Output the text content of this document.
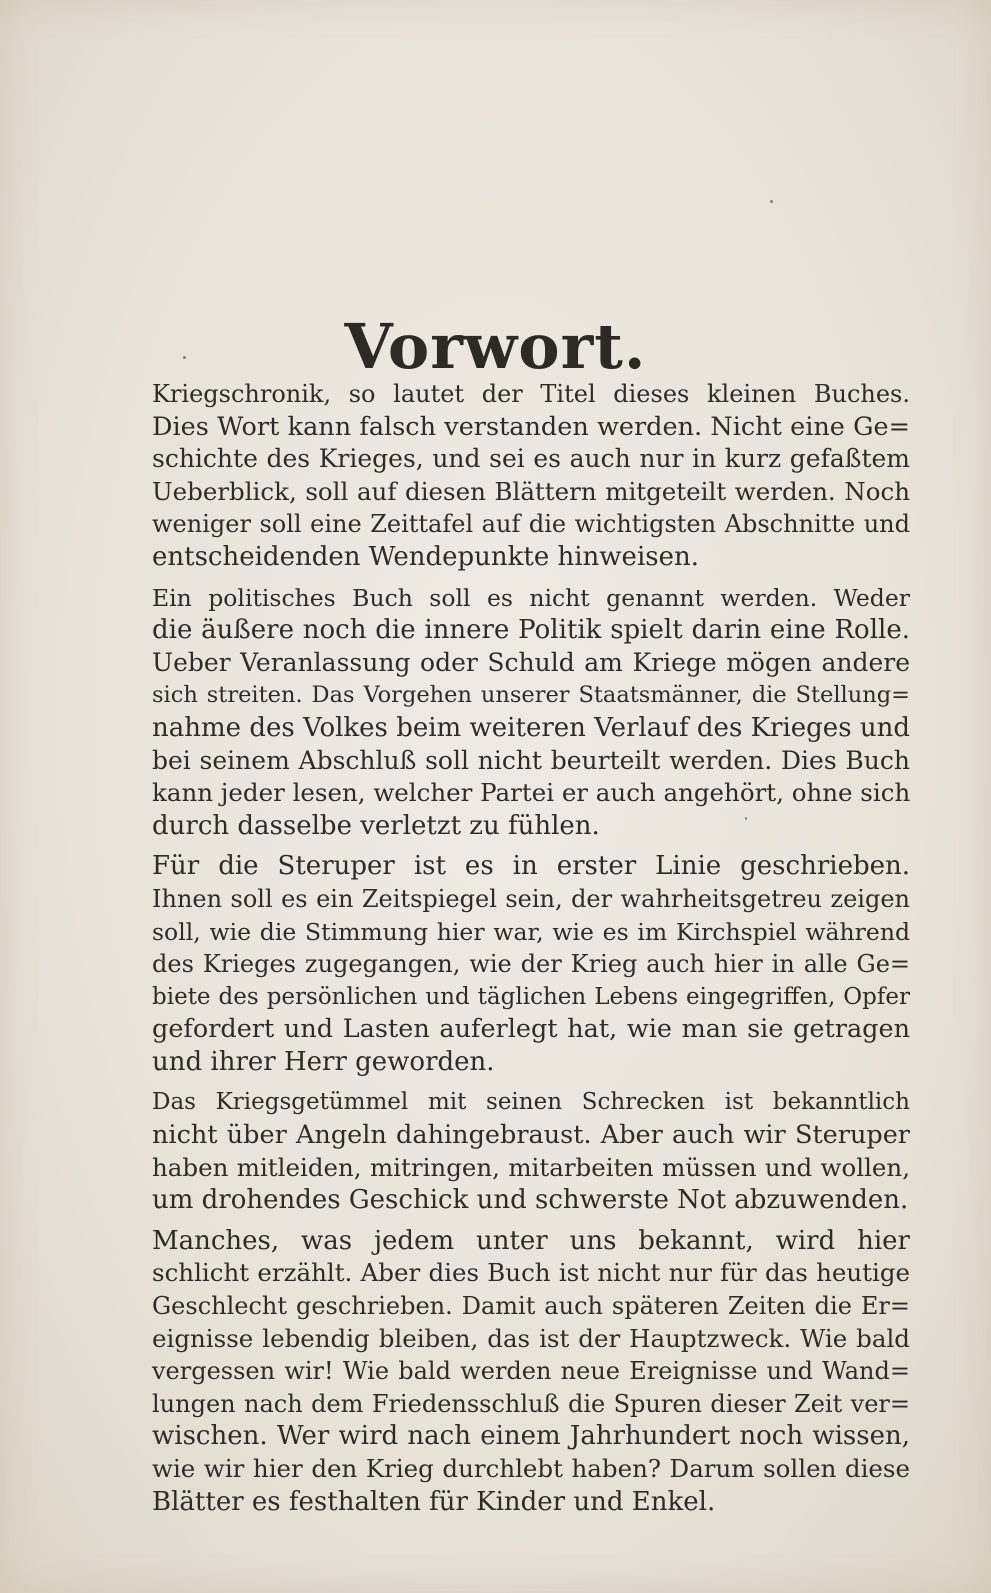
Vorwort.
Kriegschronik, so lautet der Titel dieses kleinen Buches.
Dies Wort kann falsch verstanden werden. Nicht eine Ge=
schichte des Krieges, und sei es auch nur in kurz gefaßtem
Ueberblick, soll auf diesen Blättern mitgeteilt werden. Noch
weniger soll eine Zeittafel auf die wichtigsten Abschnitte und
entscheidenden Wendepunkte hinweisen.
Ein politisches Buch soll es nicht genannt werden. Weder
die äußere noch die innere Politik spielt darin eine Rolle.
Ueber Veranlassung oder Schuld am Kriege mögen andere
sich streiten. Das Vorgehen unserer Staatsmänner, die Stellung=
nahme des Volkes beim weiteren Verlauf des Krieges und
bei seinem Abschluß soll nicht beurteilt werden. Dies Buch
kann jeder lesen, welcher Partei er auch angehört, ohne sich
durch dasselbe verletzt zu fühlen.
Für die Steruper ist es in erster Linie geschrieben.
Ihnen soll es ein Zeitspiegel sein, der wahrheitsgetreu zeigen
soll, wie die Stimmung hier war, wie es im Kirchspiel während
des Krieges zugegangen, wie der Krieg auch hier in alle Ge=
biete des persönlichen und täglichen Lebens eingegriffen, Opfer
gefordert und Lasten auferlegt hat, wie man sie getragen
und ihrer Herr geworden.
Das Kriegsgetümmel mit seinen Schrecken ist bekanntlich
nicht über Angeln dahingebraust. Aber auch wir Steruper
haben mitleiden, mitringen, mitarbeiten müssen und wollen,
um drohendes Geschick und schwerste Not abzuwenden.
Manches, was jedem unter uns bekannt, wird hier
schlicht erzählt. Aber dies Buch ist nicht nur für das heutige
Geschlecht geschrieben. Damit auch späteren Zeiten die Er=
eignisse lebendig bleiben, das ist der Hauptzweck. Wie bald
vergessen wir! Wie bald werden neue Ereignisse und Wand=
lungen nach dem Friedensschluß die Spuren dieser Zeit ver=
wischen. Wer wird nach einem Jahrhundert noch wissen,
wie wir hier den Krieg durchlebt haben? Darum sollen diese
Blätter es festhalten für Kinder und Enkel.
